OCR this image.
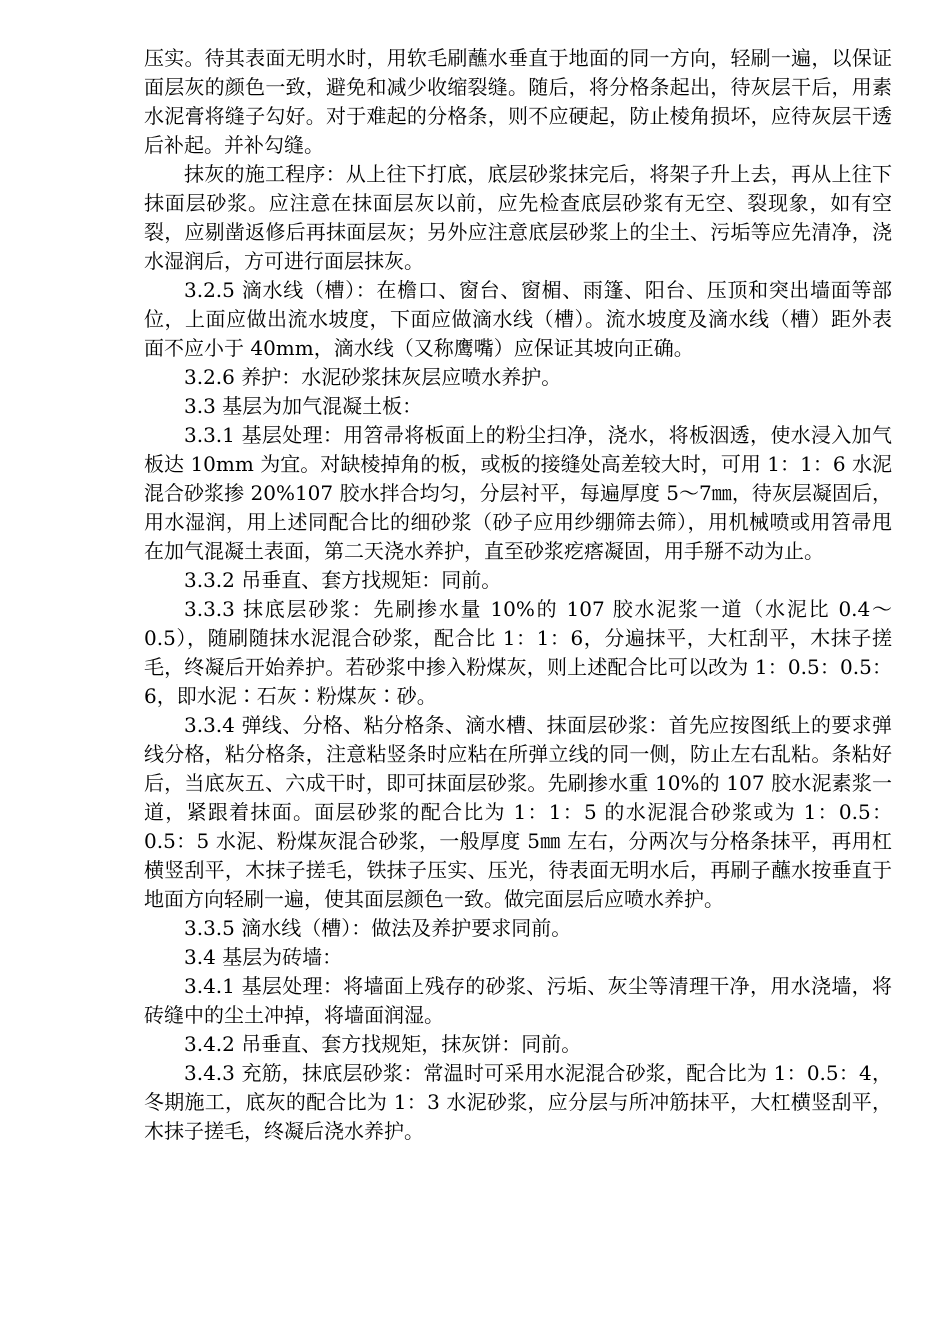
压实。待其表面无明水时，用软毛刷蘸水垂直于地面的同一方向，轻刷一遍，以保证面层灰的颜色一致，避免和减少收缩裂缝。随后，将分格条起出，待灰层干后，用素水泥膏将缝子勾好。对于难起的分格条，则不应硬起，防止棱角损坏，应待灰层干透后补起。并补勾缝。

抹灰的施工程序：从上往下打底，底层砂浆抹完后，将架子升上去，再从上往下抹面层砂浆。应注意在抹面层灰以前，应先检查底层砂浆有无空、裂现象，如有空裂，应剔凿返修后再抹面层灰；另外应注意底层砂浆上的尘土、污垢等应先清净，浇水湿润后，方可进行面层抹灰。

3.2.5 滴水线（槽）：在檐口、窗台、窗楣、雨篷、阳台、压顶和突出墙面等部位，上面应做出流水坡度，下面应做滴水线（槽）。流水坡度及滴水线（槽）距外表面不应小于 40mm，滴水线（又称鹰嘴）应保证其坡向正确。

3.2.6 养护：水泥砂浆抹灰层应喷水养护。

3.3 基层为加气混凝土板：

3.3.1 基层处理：用笤帚将板面上的粉尘扫净，浇水，将板洇透，使水浸入加气板达 10mm 为宜。对缺棱掉角的板，或板的接缝处高差较大时，可用 1：1：6 水泥混合砂浆掺 20%107 胶水拌合均匀，分层衬平，每遍厚度 5～7㎜，待灰层凝固后，用水湿润，用上述同配合比的细砂浆（砂子应用纱绷筛去筛），用机械喷或用笤帚甩在加气混凝土表面，第二天浇水养护，直至砂浆疙瘩凝固，用手掰不动为止。

3.3.2 吊垂直、套方找规矩：同前。

3.3.3 抹底层砂浆：先刷掺水量 10%的 107 胶水泥浆一道（水泥比 0.4～0.5），随刷随抹水泥混合砂浆，配合比 1：1：6，分遍抹平，大杠刮平，木抹子搓毛，终凝后开始养护。若砂浆中掺入粉煤灰，则上述配合比可以改为 1：0.5：0.5：6，即水泥∶石灰∶粉煤灰∶砂。

3.3.4 弹线、分格、粘分格条、滴水槽、抹面层砂浆：首先应按图纸上的要求弹线分格，粘分格条，注意粘竖条时应粘在所弹立线的同一侧，防止左右乱粘。条粘好后，当底灰五、六成干时，即可抹面层砂浆。先刷掺水重 10%的 107 胶水泥素浆一道，紧跟着抹面。面层砂浆的配合比为 1：1：5 的水泥混合砂浆或为 1：0.5：0.5：5 水泥、粉煤灰混合砂浆，一般厚度 5㎜ 左右，分两次与分格条抹平，再用杠横竖刮平，木抹子搓毛，铁抹子压实、压光，待表面无明水后，再刷子蘸水按垂直于地面方向轻刷一遍，使其面层颜色一致。做完面层后应喷水养护。

3.3.5 滴水线（槽）：做法及养护要求同前。

3.4 基层为砖墙：

3.4.1 基层处理：将墙面上残存的砂浆、污垢、灰尘等清理干净，用水浇墙，将砖缝中的尘土冲掉，将墙面润湿。

3.4.2 吊垂直、套方找规矩，抹灰饼：同前。

3.4.3 充筋，抹底层砂浆：常温时可采用水泥混合砂浆，配合比为 1：0.5：4，冬期施工，底灰的配合比为 1：3 水泥砂浆，应分层与所冲筋抹平，大杠横竖刮平，木抹子搓毛，终凝后浇水养护。
